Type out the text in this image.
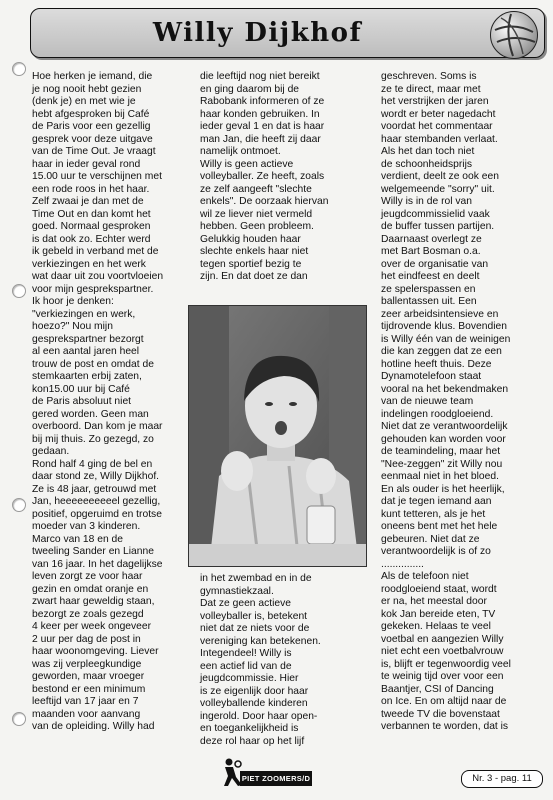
Willy Dijkhof
Hoe herken je iemand, die
je nog nooit hebt gezien
(denk je) en met wie je
hebt afgesproken bij Café
de Paris voor een gezellig
gesprek voor deze uitgave
van de Time Out. Je vraagt
haar in ieder geval rond
15.00 uur te verschijnen met
een rode roos in het haar.
Zelf zwaai je dan met de
Time Out en dan komt het
goed. Normaal gesproken
is dat ook zo. Echter werd
ik gebeld in verband met de
verkiezingen en het werk
wat daar uit zou voortvloeien
voor mijn gesprekspartner.
Ik hoor je denken:
"verkiezingen en werk,
hoezo?" Nou mijn
gesprekspartner bezorgt
al een aantal jaren heel
trouw de post en omdat de
stemkaarten erbij zaten,
kon15.00 uur bij Café
de Paris absoluut niet
gered worden. Geen man
overboord. Dan kom je maar
bij mij thuis. Zo gezegd, zo
gedaan.
Rond half 4 ging de bel en
daar stond ze, Willy Dijkhof.
Ze is 48 jaar, getrouwd met
Jan, heeeeeeeeeel gezellig,
positief, opgeruimd en trotse
moeder van 3 kinderen.
Marco van 18 en de
tweeling Sander en Lianne
van 16 jaar. In het dagelijkse
leven zorgt ze voor haar
gezin en omdat oranje en
zwart haar geweldig staan,
bezorgt ze zoals gezegd
4 keer per week ongeveer
2 uur per dag de post in
haar woonomgeving. Liever
was zij verpleegkundige
geworden, maar vroeger
bestond er een minimum
leeftijd van 17 jaar en 7
maanden voor aanvang
van de opleiding. Willy had
die leeftijd nog niet bereikt
en ging daarom bij de
Rabobank informeren of ze
haar konden gebruiken. In
ieder geval 1 en dat is haar
man Jan, die heeft zij daar
namelijk ontmoet.
Willy is geen actieve
volleyballer. Ze heeft, zoals
ze zelf aangeeft "slechte
enkels". De oorzaak hiervan
wil ze liever niet vermeld
hebben. Geen probleem.
Gelukkig houden haar
slechte enkels haar niet
tegen sportief bezig te
zijn. En dat doet ze dan
in het zwembad en in de
gymnastiekzaal.
Dat ze geen actieve
volleyballer is, betekent
niet dat ze niets voor de
vereniging kan betekenen.
Integendeel! Willy is
een actief lid van de
jeugdcommissie. Hier
is ze eigenlijk door haar
volleyballende kinderen
ingerold. Door haar open-
en toegankelijkheid is
deze rol haar op het lijf
geschreven. Soms is
ze te direct, maar met
het verstrijken der jaren
wordt er beter nagedacht
voordat het commentaar
haar stembanden verlaat.
Als het dan toch niet
de schoonheidsprijs
verdient, deelt ze ook een
welgemeende "sorry" uit.
Willy is in de rol van
jeugdcommissielid vaak
de buffer tussen partijen.
Daarnaast overlegt ze
met Bart Bosman o.a.
over de organisatie van
het eindfeest en deelt
ze spelerspassen en
ballentassen uit. Een
zeer arbeidsintensieve en
tijdrovende klus. Bovendien
is Willy één van de weinigen
die kan zeggen dat ze een
hotline heeft thuis. Deze
Dynamotelefoon staat
vooral na het bekendmaken
van de nieuwe team
indelingen roodgloeiend.
Niet dat ze verantwoordelijk
gehouden kan worden voor
de teamindeling, maar het
"Nee-zeggen" zit Willy nou
eenmaal niet in het bloed.
En als ouder is het heerlijk,
dat je tegen iemand aan
kunt tetteren, als je het
oneens bent met het hele
gebeuren. Niet dat ze
verantwoordelijk is of zo
...............
Als de telefoon niet
roodgloeiend staat, wordt
er na, het meestal door
kok Jan bereide eten, TV
gekeken. Helaas te veel
voetbal en aangezien Willy
niet echt een voetbalvrouw
is, blijft er tegenwoordig veel
te weinig tijd over voor een
Baantjer, CSI of Dancing
on Ice. En om altijd naar de
tweede TV die bovenstaat
verbannen te worden, dat is
PIET ZOOMERS/D	Nr. 3 - pag. 11
